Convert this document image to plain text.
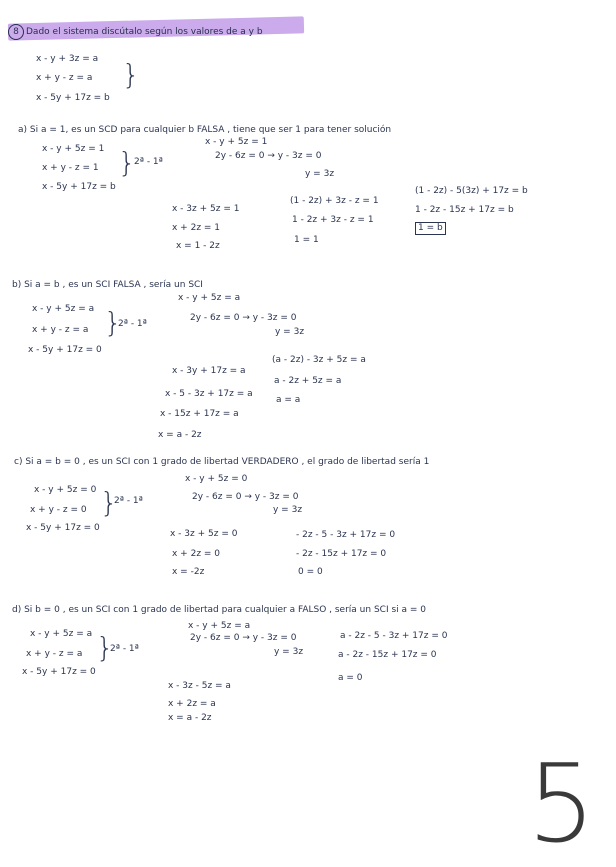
8 Dado el sistema discútalo según los valores de a y b
x - y + 3z = a
x + y - z = a
x - 5y + 17z = b
}
a) Si a = 1, es un SCD para cualquier b FALSA , tiene que ser 1 para tener solución
x - y + 5z = 1
x + y - z = 1
x - 5y + 17z = b
}
2ª - 1ª
x - y + 5z = 1
2y - 6z = 0 → y - 3z = 0
y = 3z
x - 3z + 5z = 1
x + 2z = 1
x = 1 - 2z
(1 - 2z) + 3z - z = 1
1 - 2z + 3z - z = 1
1 = 1
(1 - 2z) - 5(3z) + 17z = b
1 - 2z - 15z + 17z = b
1 = b
b) Si a = b , es un SCI FALSA , sería un SCI
x - y + 5z = a
x + y - z = a
x - 5y + 17z = 0
}
2ª - 1ª
x - y + 5z = a
2y - 6z = 0 → y - 3z = 0
y = 3z
x - 3y + 17z = a
x - 5 - 3z + 17z = a
x - 15z + 17z = a
x = a - 2z
(a - 2z) - 3z + 5z = a
a - 2z + 5z = a
a = a
c) Si a = b = 0 , es un SCI con 1 grado de libertad VERDADERO , el grado de libertad sería 1
x - y + 5z = 0
x + y - z = 0
x - 5y + 17z = 0
}
2ª - 1ª
x - y + 5z = 0
2y - 6z = 0 → y - 3z = 0
y = 3z
x - 3z + 5z = 0
x + 2z = 0
x = -2z
- 2z - 5 - 3z + 17z = 0
- 2z - 15z + 17z = 0
0 = 0
d) Si b = 0 , es un SCI con 1 grado de libertad para cualquier a FALSO , sería un SCI si a = 0
x - y + 5z = a
x + y - z = a
x - 5y + 17z = 0
}
2ª - 1ª
x - y + 5z = a
2y - 6z = 0 → y - 3z = 0
y = 3z
x - 3z - 5z = a
x + 2z = a
x = a - 2z
a - 2z - 5 - 3z + 17z = 0
a - 2z - 15z + 17z = 0
a = 0
5
